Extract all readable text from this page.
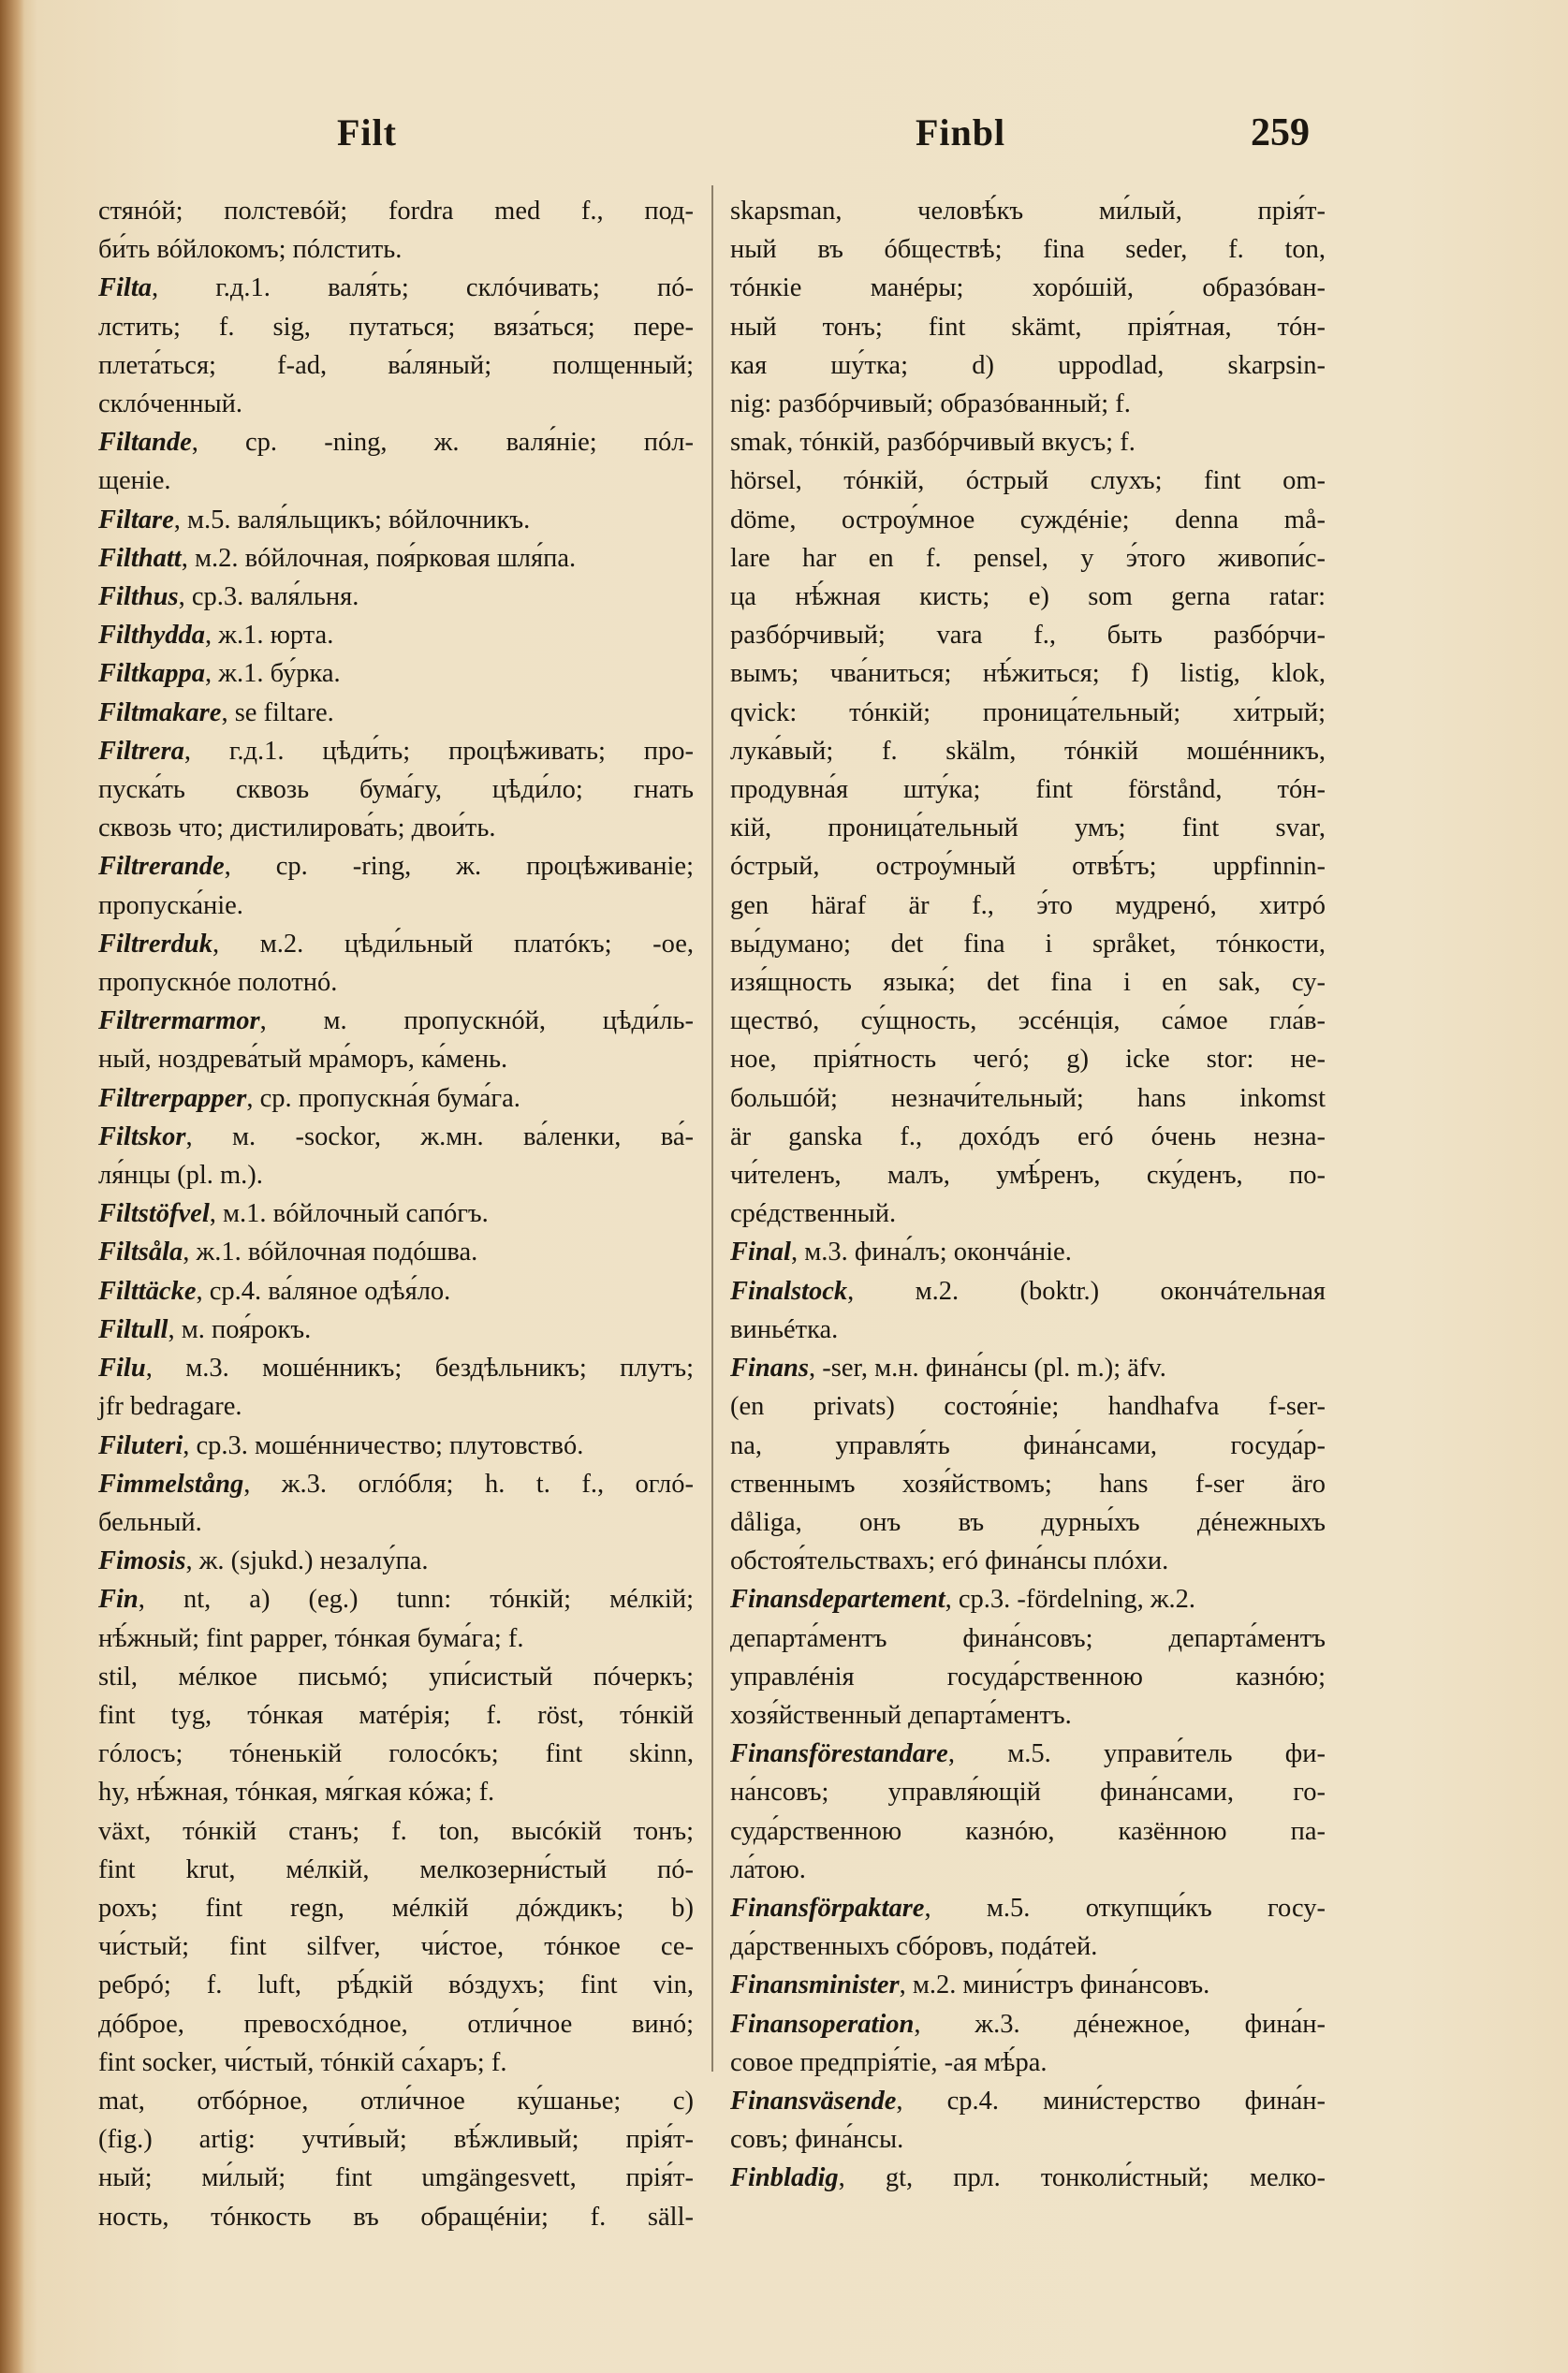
Filt	Finbl	259
стянóй; полстевóй; fordra med f., под-
би́ть вóйлокомъ; пóлстить.
Filta, г.д.1. валя́ть; склóчивать; пó-
лстить; f. sig, путаться; вяза́ться; пере-
плета́ться; f-ad, ва́ляный; полщенный;
склóченный.
Filtande, ср. -ning, ж. валя́ніе; пóл-
щеніе.
Filtare, м.5. валя́льщикъ; вóйлочникъ.
Filthatt, м.2. вóйлочная, поя́рковая шля́па.
Filthus, ср.3. валя́льня.
Filthydda, ж.1. юрта.
Filtkappa, ж.1. бу́рка.
Filtmakare, se filtare.
Filtrera, г.д.1. цѣди́ть; процѣживать; про-
пуска́ть сквозь бума́гу, цѣди́ло; гнать
сквозь что; дистилирова́ть; двои́ть.
Filtrerande, ср. -ring, ж. процѣживаніе;
пропуска́ніе.
Filtrerduk, м.2. цѣди́льный платóкъ; -ое,
пропускнóе полотнó.
Filtrermarmor, м. пропускнóй, цѣди́ль-
ный, ноздрева́тый мра́моръ, ка́мень.
Filtrerpapper, ср. пропускна́я бума́га.
Filtskor, м. -sockor, ж.мн. ва́ленки, ва́-
ля́нцы (pl. m.).
Filtstöfvel, м.1. вóйлочный сапóгъ.
Filtsåla, ж.1. вóйлочная подóшва.
Filttäcke, ср.4. ва́ляное одѣя́ло.
Filtull, м. поя́рокъ.
Filu, м.3. мошéнникъ; бездѣльникъ; плутъ;
jfr bedragare.
Filuteri, ср.3. мошéнничество; плутовствó.
Fimmelstång, ж.3. оглóбля; h. t. f., оглó-
бельный.
Fimosis, ж. (sjukd.) незалу́па.
Fin, nt, a) (eg.) tunn: тóнкій; мéлкій;
нѣ́жный; fint papper, тóнкая бума́га; f.
stil, мéлкое письмó; упи́систый пóчеркъ;
fint tyg, тóнкая матéрія; f. röst, тóнкій
гóлосъ; тóненькій голосóкъ; fint skinn,
hy, нѣ́жная, тóнкая, мя́гкая кóжа; f.
växt, тóнкій станъ; f. ton, высóкій тонъ;
fint krut, мéлкій, мелкозерни́стый пó-
рохъ; fint regn, мéлкій дóждикъ; b)
чи́стый; fint silfver, чи́стое, тóнкое се-
ребрó; f. luft, рѣ́дкій вóздухъ; fint vin,
дóброе, превосхóдное, отли́чное винó;
fint socker, чи́стый, тóнкій са́харъ; f.
mat, отбóрное, отли́чное ку́шанье; c)
(fig.) artig: учти́вый; вѣ́жливый; прія́т-
ный; ми́лый; fint umgängesvett, прія́т-
ность, тóнкость въ обращéніи; f. säll-
skapsman, человѣ́къ ми́лый, прія́т-
ный въ óбществѣ; fina seder, f. ton,
тóнкіе манéры; хорóшій, образóван-
ный тонъ; fint skämt, прія́тная, тóн-
кая шу́тка; d) uppodlad, skarpsin-
nig: разбóрчивый; образóванный; f.
smak, тóнкій, разбóрчивый вкусъ; f.
hörsel, тóнкій, óстрый слухъ; fint om-
döme, остроу́мное суждéніе; denna må-
lare har en f. pensel, у э́того живопи́с-
ца нѣ́жная кисть; e) som gerna ratar:
разбóрчивый; vara f., быть разбóрчи-
вымъ; чва́ниться; нѣ́житься; f) listig, klok,
qvick: тóнкій; проница́тельный; хи́трый;
лука́вый; f. skälm, тóнкій мошéнникъ,
продувна́я шту́ка; fint förstånd, тóн-
кій, проница́тельный умъ; fint svar,
óстрый, остроу́мный отвѣ́тъ; uppfinnin-
gen häraf är f., э́то мудренó, хитрó
вы́думано; det fina i språket, тóнкости,
изя́щность языка́; det fina i en sak, су-
ществó, су́щность, эссéнція, са́мое гла́в-
ное, прія́тность чегó; g) icke stor: не-
большóй; незначи́тельный; hans inkomst
är ganska f., дохóдъ егó óчень незна-
чи́теленъ, малъ, умѣ́ренъ, ску́денъ, по-
срéдственный.
Final, м.3. фина́лъ; окончáніе.
Finalstock, м.2. (boktr.) окончáтельная
виньéтка.
Finans, -ser, м.н. фина́нсы (pl. m.); äfv.
(en privats) состоя́ніе; handhafva f-ser-
na, управля́ть фина́нсами, госуда́р-
ственнымъ хозя́йствомъ; hans f-ser äro
dåliga, онъ въ дурны́хъ дéнежныхъ
обстоя́тельствахъ; егó фина́нсы плóхи.
Finansdepartement, ср.3. -fördelning, ж.2.
департа́ментъ фина́нсовъ; департа́ментъ
управлéнія госуда́рственною казнóю;
хозя́йственный департа́ментъ.
Finansförestandare, м.5. управи́тель фи-
на́нсовъ; управля́ющій фина́нсами, го-
суда́рственною казнóю, казённою па-
ла́тою.
Finansförpaktare, м.5. откупщи́къ госу-
да́рственныхъ сбóровъ, подáтей.
Finansminister, м.2. мини́стръ фина́нсовъ.
Finansoperation, ж.3. дéнежное, фина́н-
совое предпрія́тіе, -ая мѣ́ра.
Finansväsende, ср.4. мини́стерство фина́н-
совъ; фина́нсы.
Finbladig, gt, прл. тонколи́стный; мелко-
